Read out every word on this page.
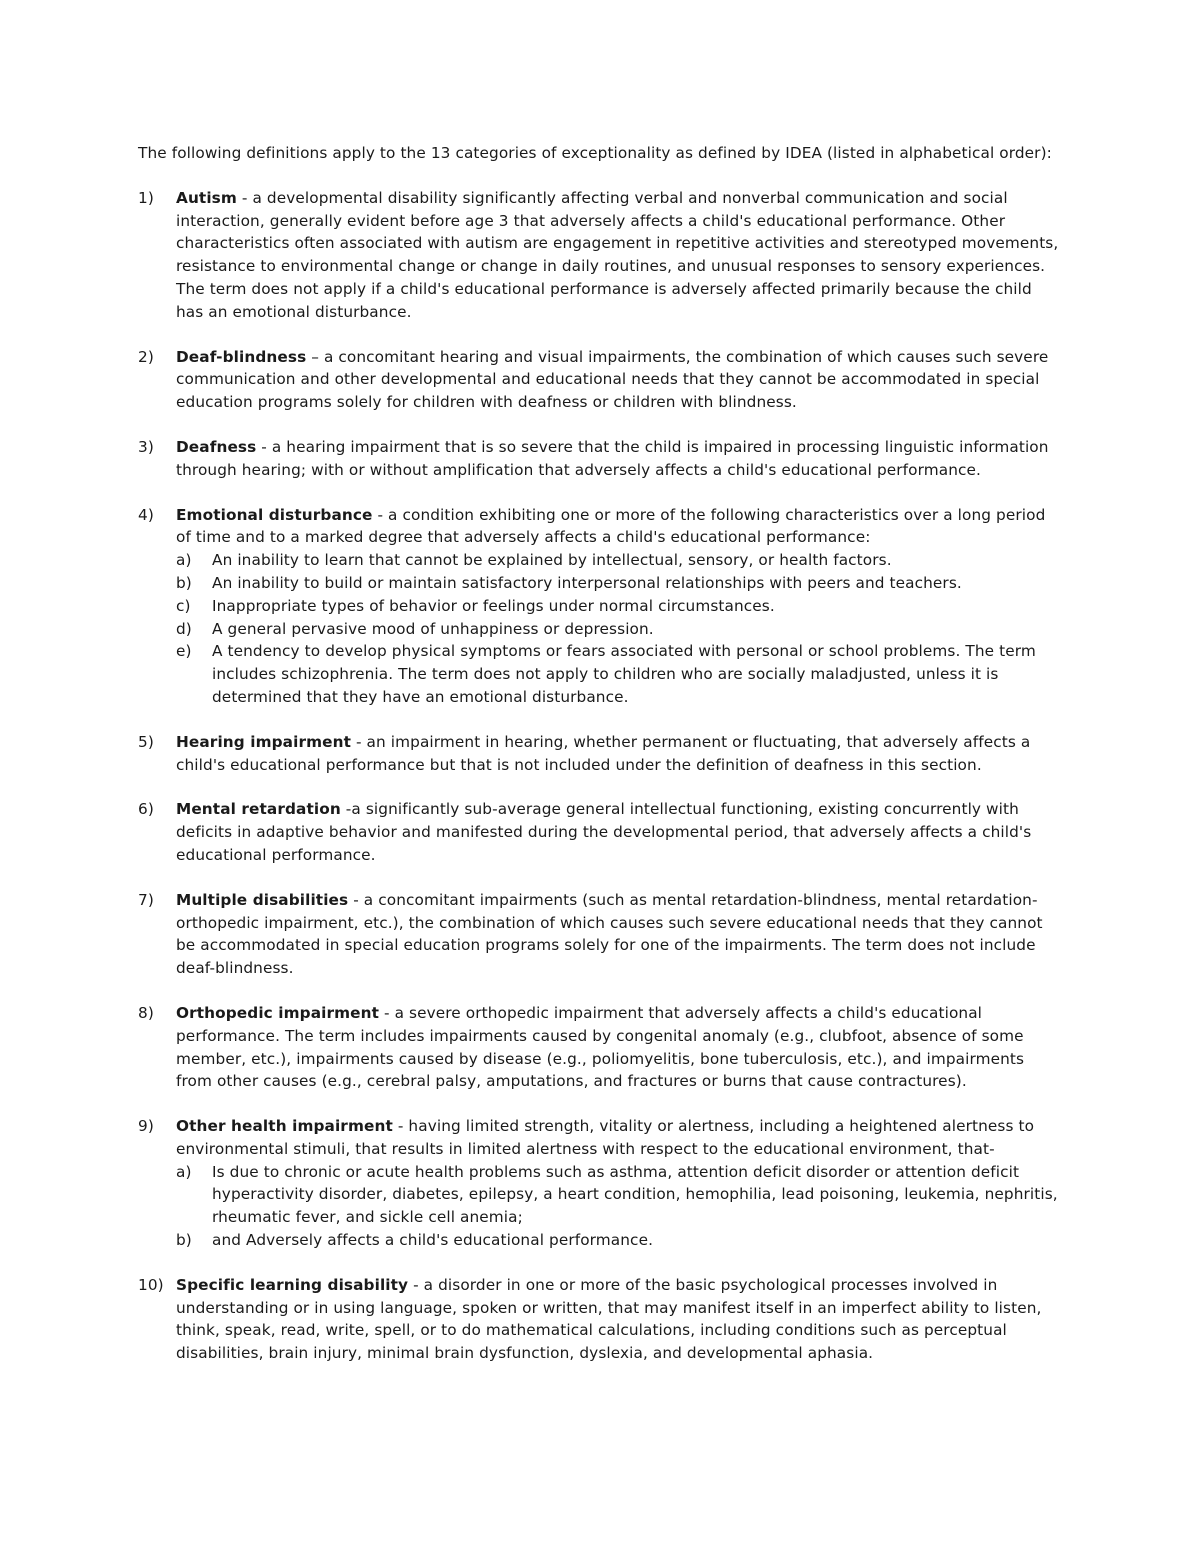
The following definitions apply to the 13 categories of exceptionality as defined by IDEA (listed in alphabetical order):

1) Autism - a developmental disability significantly affecting verbal and nonverbal communication and social interaction, generally evident before age 3 that adversely affects a child's educational performance. Other characteristics often associated with autism are engagement in repetitive activities and stereotyped movements, resistance to environmental change or change in daily routines, and unusual responses to sensory experiences. The term does not apply if a child's educational performance is adversely affected primarily because the child has an emotional disturbance.
2) Deaf-blindness – a concomitant hearing and visual impairments, the combination of which causes such severe communication and other developmental and educational needs that they cannot be accommodated in special education programs solely for children with deafness or children with blindness.
3) Deafness - a hearing impairment that is so severe that the child is impaired in processing linguistic information through hearing; with or without amplification that adversely affects a child's educational performance.
4) Emotional disturbance - a condition exhibiting one or more of the following characteristics over a long period of time and to a marked degree that adversely affects a child's educational performance:
a) An inability to learn that cannot be explained by intellectual, sensory, or health factors.
b) An inability to build or maintain satisfactory interpersonal relationships with peers and teachers.
c) Inappropriate types of behavior or feelings under normal circumstances.
d) A general pervasive mood of unhappiness or depression.
e) A tendency to develop physical symptoms or fears associated with personal or school problems. The term includes schizophrenia. The term does not apply to children who are socially maladjusted, unless it is determined that they have an emotional disturbance.
5) Hearing impairment - an impairment in hearing, whether permanent or fluctuating, that adversely affects a child's educational performance but that is not included under the definition of deafness in this section.
6) Mental retardation -a significantly sub-average general intellectual functioning, existing concurrently with deficits in adaptive behavior and manifested during the developmental period, that adversely affects a child's educational performance.
7) Multiple disabilities - a concomitant impairments (such as mental retardation-blindness, mental retardation-orthopedic impairment, etc.), the combination of which causes such severe educational needs that they cannot be accommodated in special education programs solely for one of the impairments. The term does not include deaf-blindness.
8) Orthopedic impairment - a severe orthopedic impairment that adversely affects a child's educational performance. The term includes impairments caused by congenital anomaly (e.g., clubfoot, absence of some member, etc.), impairments caused by disease (e.g., poliomyelitis, bone tuberculosis, etc.), and impairments from other causes (e.g., cerebral palsy, amputations, and fractures or burns that cause contractures).
9) Other health impairment - having limited strength, vitality or alertness, including a heightened alertness to environmental stimuli, that results in limited alertness with respect to the educational environment, that-
a) Is due to chronic or acute health problems such as asthma, attention deficit disorder or attention deficit hyperactivity disorder, diabetes, epilepsy, a heart condition, hemophilia, lead poisoning, leukemia, nephritis, rheumatic fever, and sickle cell anemia;
b) and Adversely affects a child's educational performance.
10) Specific learning disability - a disorder in one or more of the basic psychological processes involved in understanding or in using language, spoken or written, that may manifest itself in an imperfect ability to listen, think, speak, read, write, spell, or to do mathematical calculations, including conditions such as perceptual disabilities, brain injury, minimal brain dysfunction, dyslexia, and developmental aphasia.
